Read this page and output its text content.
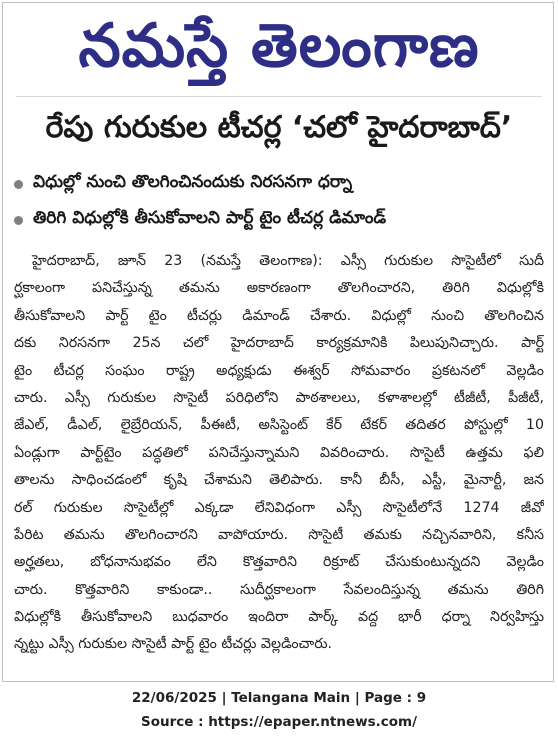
నమస్తే తెలంగాణ
రేపు గురుకుల టీచర్ల ‘చలో హైదరాబాద్’
విధుల్లో నుంచి తొలగించినందుకు నిరసనగా ధర్నా
తిరిగి విధుల్లోకి తీసుకోవాలని పార్ట్ టైం టీచర్ల డిమాండ్
హైదరాబాద్, జూన్ 23 (నమస్తే తెలంగాణ): ఎస్సీ గురుకుల సొసైటీలో సుదీ
ర్ఘకాలంగా పనిచేస్తున్న తమను అకారణంగా తొలగించారని, తిరిగి విధుల్లోకి
తీసుకోవాలని పార్ట్ టైం టీచర్లు డిమాండ్ చేశారు. విధుల్లో నుంచి తొలగించిన
దకు నిరసనగా 25న చలో హైదరాబాద్ కార్యక్రమానికి పిలుపునిచ్చారు. పార్ట్
టైం టీచర్ల సంఘం రాష్ట్ర అధ్యక్షుడు ఈశ్వర్ సోమవారం ప్రకటనలో వెల్లడిం
చారు. ఎస్సీ గురుకుల సొసైటీ పరిధిలోని పాఠశాలలు, కళాశాలల్లో టీజీటీ, పీజీటీ,
జేఎల్, డీఎల్, లైబ్రేరియన్, పీఈటీ, అసిస్టెంట్ కేర్ టేకర్ తదితర పోస్టుల్లో 10
ఏండ్లుగా పార్ట్‌టైం పద్ధతిలో పనిచేస్తున్నామని వివరించారు. సొసైటీ ఉత్తమ ఫలి
తాలను సాధించడంలో కృషి చేశామని తెలిపారు. కానీ బీసీ, ఎస్టీ, మైనార్టీ, జన
రల్ గురుకుల సొసైటీల్లో ఎక్కడా లేనివిధంగా ఎస్సీ సొసైటీలోనే 1274 జీవో
పేరిట తమను తొలగించారని వాపోయారు. సొసైటీ తమకు నచ్చినవారిని, కనీస
అర్హతలు, బోధనానుభవం లేని కొత్తవారిని రిక్రూట్ చేసుకుంటున్నదని వెల్లడిం
చారు. కొత్తవారిని కాకుండా.. సుదీర్ఘకాలంగా సేవలందిస్తున్న తమను తిరిగి
విధుల్లోకి తీసుకోవాలని బుధవారం ఇందిరా పార్క్ వద్ద భారీ ధర్నా నిర్వహిస్తు
న్నట్టు ఎస్సీ గురుకుల సొసైటీ పార్ట్ టైం టీచర్లు వెల్లడించారు.
22/06/2025 | Telangana Main | Page : 9
Source : https://epaper.ntnews.com/
